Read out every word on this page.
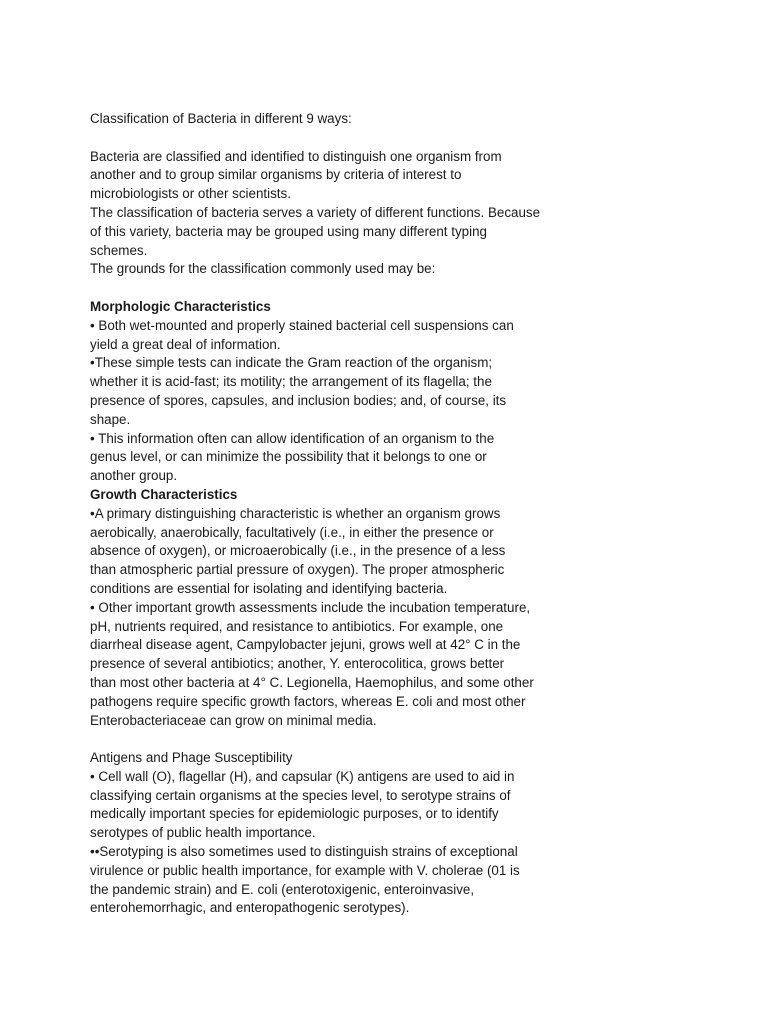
Classification of Bacteria in different 9 ways:
Bacteria are classified and identified to distinguish one organism from
another and to group similar organisms by criteria of interest to
microbiologists or other scientists.
The classification of bacteria serves a variety of different functions. Because
of this variety, bacteria may be grouped using many different typing
schemes.
The grounds for the classification commonly used may be:
Morphologic Characteristics
• Both wet-mounted and properly stained bacterial cell suspensions can
yield a great deal of information.
•These simple tests can indicate the Gram reaction of the organism;
whether it is acid-fast; its motility; the arrangement of its flagella; the
presence of spores, capsules, and inclusion bodies; and, of course, its
shape.
• This information often can allow identification of an organism to the
genus level, or can minimize the possibility that it belongs to one or
another group.
Growth Characteristics
•A primary distinguishing characteristic is whether an organism grows
aerobically, anaerobically, facultatively (i.e., in either the presence or
absence of oxygen), or microaerobically (i.e., in the presence of a less
than atmospheric partial pressure of oxygen). The proper atmospheric
conditions are essential for isolating and identifying bacteria.
• Other important growth assessments include the incubation temperature,
pH, nutrients required, and resistance to antibiotics. For example, one
diarrheal disease agent, Campylobacter jejuni, grows well at 42° C in the
presence of several antibiotics; another, Y. enterocolitica, grows better
than most other bacteria at 4° C. Legionella, Haemophilus, and some other
pathogens require specific growth factors, whereas E. coli and most other
Enterobacteriaceae can grow on minimal media.
Antigens and Phage Susceptibility
• Cell wall (O), flagellar (H), and capsular (K) antigens are used to aid in
classifying certain organisms at the species level, to serotype strains of
medically important species for epidemiologic purposes, or to identify
serotypes of public health importance.
••Serotyping is also sometimes used to distinguish strains of exceptional
virulence or public health importance, for example with V. cholerae (01 is
the pandemic strain) and E. coli (enterotoxigenic, enteroinvasive,
enterohemorrhagic, and enteropathogenic serotypes).
